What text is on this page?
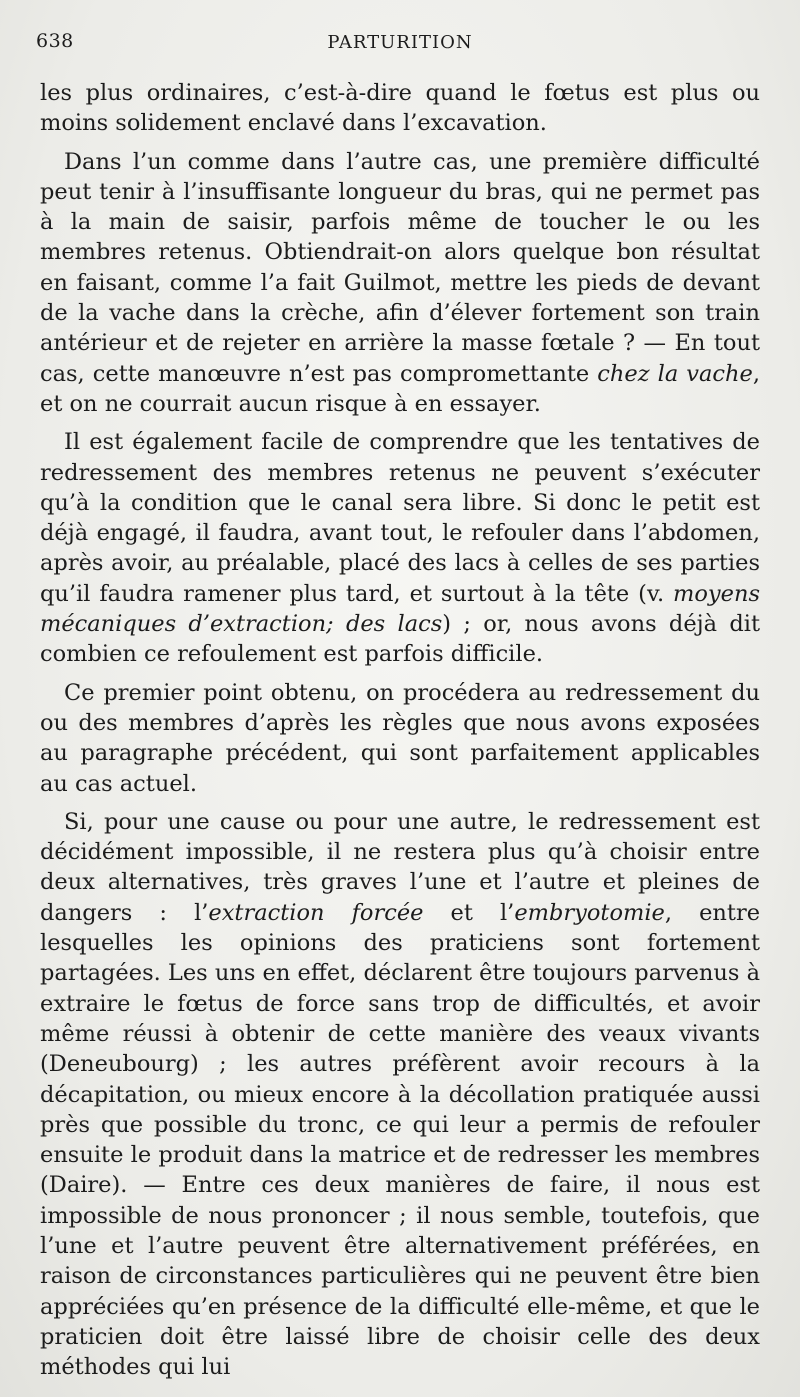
638	PARTURITION

les plus ordinaires, c’est-à-dire quand le fœtus est plus ou moins solidement enclavé dans l’excavation.

Dans l’un comme dans l’autre cas, une première difficulté peut tenir à l’insuffisante longueur du bras, qui ne permet pas à la main de saisir, parfois même de toucher le ou les membres retenus. Obtiendrait-on alors quelque bon résultat en faisant, comme l’a fait Guilmot, mettre les pieds de devant de la vache dans la crèche, afin d’élever fortement son train antérieur et de rejeter en arrière la masse fœtale ? — En tout cas, cette manœuvre n’est pas compromettante chez la vache, et on ne courrait aucun risque à en essayer.

Il est également facile de comprendre que les tentatives de redressement des membres retenus ne peuvent s’exécuter qu’à la condition que le canal sera libre. Si donc le petit est déjà engagé, il faudra, avant tout, le refouler dans l’abdomen, après avoir, au préalable, placé des lacs à celles de ses parties qu’il faudra ramener plus tard, et surtout à la tête (v. moyens mécaniques d’extraction; des lacs) ; or, nous avons déjà dit combien ce refoulement est parfois difficile.

Ce premier point obtenu, on procédera au redressement du ou des membres d’après les règles que nous avons exposées au paragraphe précédent, qui sont parfaitement applicables au cas actuel.

Si, pour une cause ou pour une autre, le redressement est décidément impossible, il ne restera plus qu’à choisir entre deux alternatives, très graves l’une et l’autre et pleines de dangers : l’extraction forcée et l’embryotomie, entre lesquelles les opinions des praticiens sont fortement partagées. Les uns en effet, déclarent être toujours parvenus à extraire le fœtus de force sans trop de difficultés, et avoir même réussi à obtenir de cette manière des veaux vivants (Deneubourg) ; les autres préfèrent avoir recours à la décapitation, ou mieux encore à la décollation pratiquée aussi près que possible du tronc, ce qui leur a permis de refouler ensuite le produit dans la matrice et de redresser les membres (Daire). — Entre ces deux manières de faire, il nous est impossible de nous prononcer ; il nous semble, toutefois, que l’une et l’autre peuvent être alternativement préférées, en raison de circonstances particulières qui ne peuvent être bien appréciées qu’en présence de la difficulté elle-même, et que le praticien doit être laissé libre de choisir celle des deux méthodes qui lui
